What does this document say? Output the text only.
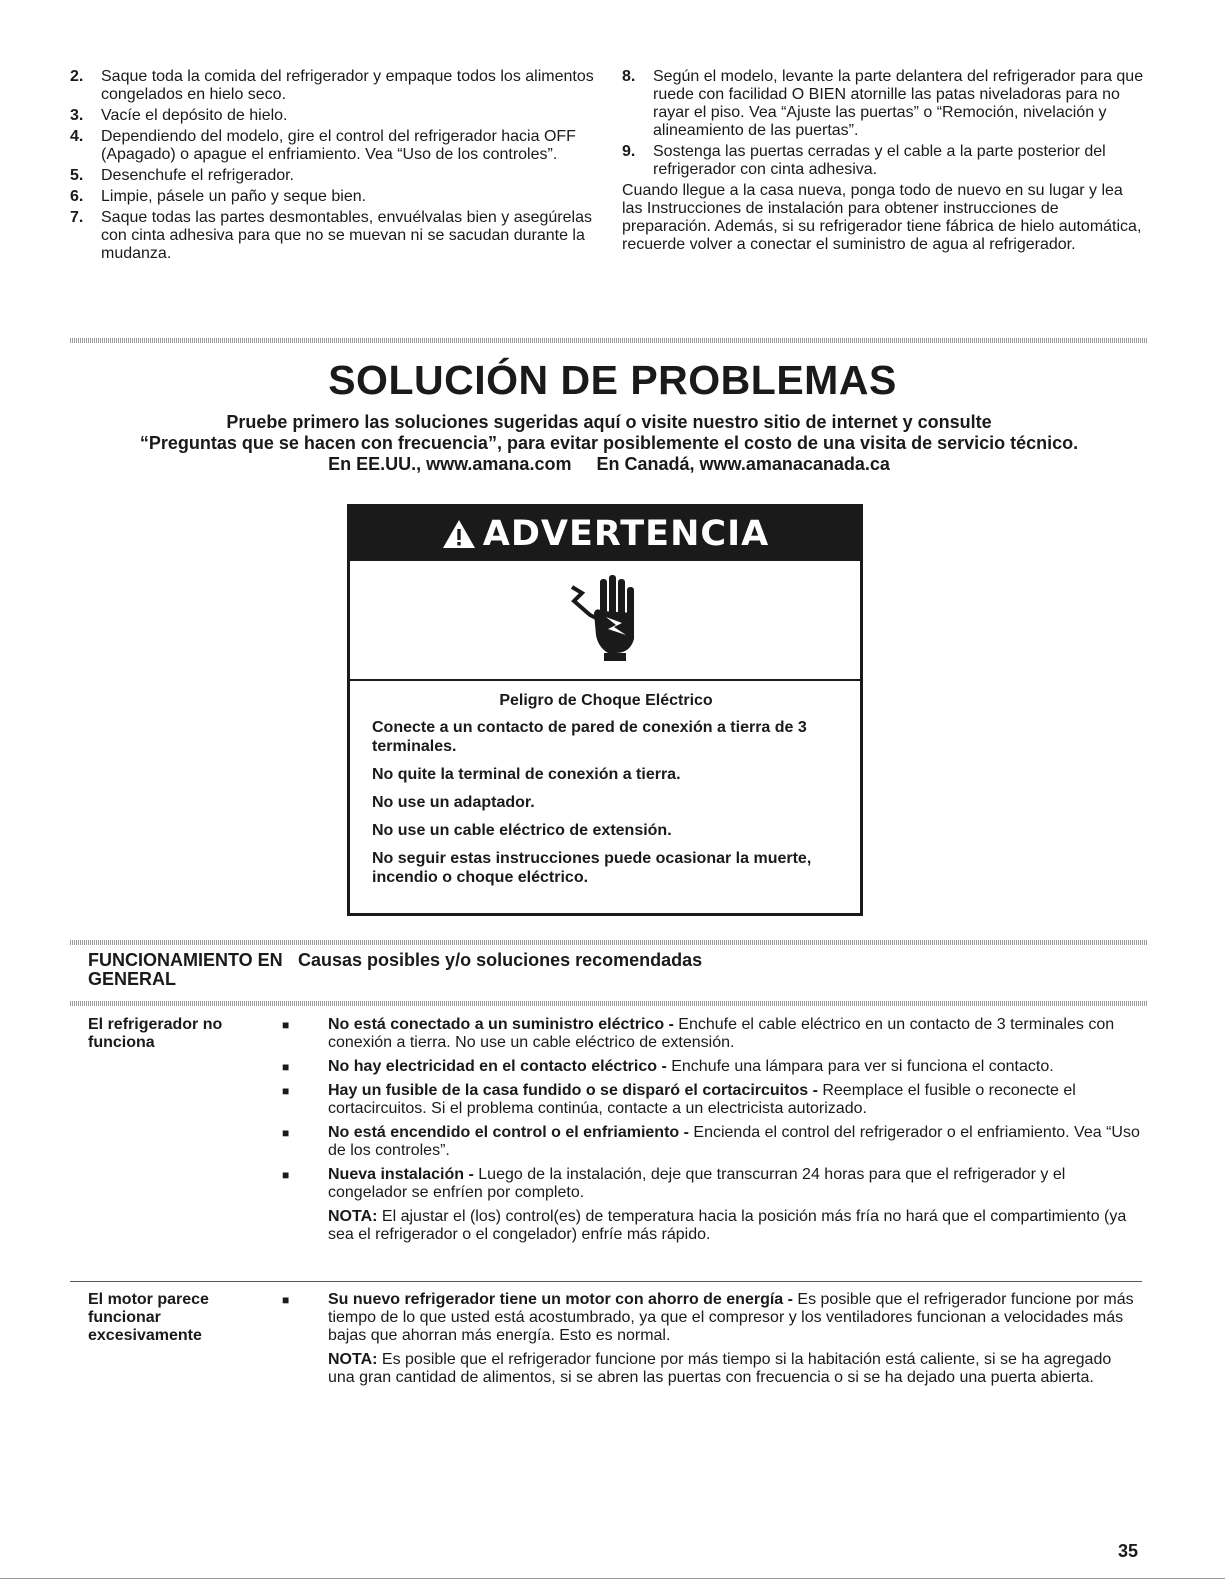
2.	Saque toda la comida del refrigerador y empaque todos los alimentos congelados en hielo seco.
3.	Vacíe el depósito de hielo.
4.	Dependiendo del modelo, gire el control del refrigerador hacia OFF (Apagado) o apague el enfriamiento. Vea “Uso de los controles”.
5.	Desenchufe el refrigerador.
6.	Limpie, pásele un paño y seque bien.
7.	Saque todas las partes desmontables, envuélvalas bien y asegúrelas con cinta adhesiva para que no se muevan ni se sacudan durante la mudanza.
8.	Según el modelo, levante la parte delantera del refrigerador para que ruede con facilidad O BIEN atornille las patas niveladoras para no rayar el piso. Vea “Ajuste las puertas” o “Remoción, nivelación y alineamiento de las puertas”.
9.	Sostenga las puertas cerradas y el cable a la parte posterior del refrigerador con cinta adhesiva.
Cuando llegue a la casa nueva, ponga todo de nuevo en su lugar y lea las Instrucciones de instalación para obtener instrucciones de preparación. Además, si su refrigerador tiene fábrica de hielo automática, recuerde volver a conectar el suministro de agua al refrigerador.
SOLUCIÓN DE PROBLEMAS
Pruebe primero las soluciones sugeridas aquí o visite nuestro sitio de internet y consulte
“Preguntas que se hacen con frecuencia”, para evitar posiblemente el costo de una visita de servicio técnico.
En EE.UU., www.amana.com En Canadá, www.amanacanada.ca
ADVERTENCIA
Peligro de Choque Eléctrico

Conecte a un contacto de pared de conexión a tierra de 3 terminales.

No quite la terminal de conexión a tierra.

No use un adaptador.

No use un cable eléctrico de extensión.

No seguir estas instrucciones puede ocasionar la muerte, incendio o choque eléctrico.

FUNCIONAMIENTO EN GENERAL
Causas posibles y/o soluciones recomendadas
El refrigerador no funciona
■	No está conectado a un suministro eléctrico - Enchufe el cable eléctrico en un contacto de 3 terminales con conexión a tierra. No use un cable eléctrico de extensión.
■	No hay electricidad en el contacto eléctrico - Enchufe una lámpara para ver si funciona el contacto.
■	Hay un fusible de la casa fundido o se disparó el cortacircuitos - Reemplace el fusible o reconecte el cortacircuitos. Si el problema continúa, contacte a un electricista autorizado.
■	No está encendido el control o el enfriamiento - Encienda el control del refrigerador o el enfriamiento. Vea “Uso de los controles”.
■	Nueva instalación - Luego de la instalación, deje que transcurran 24 horas para que el refrigerador y el congelador se enfríen por completo.
NOTA: El ajustar el (los) control(es) de temperatura hacia la posición más fría no hará que el compartimiento (ya sea el refrigerador o el congelador) enfríe más rápido.
El motor parece funcionar excesivamente
■	Su nuevo refrigerador tiene un motor con ahorro de energía - Es posible que el refrigerador funcione por más tiempo de lo que usted está acostumbrado, ya que el compresor y los ventiladores funcionan a velocidades más bajas que ahorran más energía. Esto es normal.
NOTA: Es posible que el refrigerador funcione por más tiempo si la habitación está caliente, si se ha agregado una gran cantidad de alimentos, si se abren las puertas con frecuencia o si se ha dejado una puerta abierta.
35
